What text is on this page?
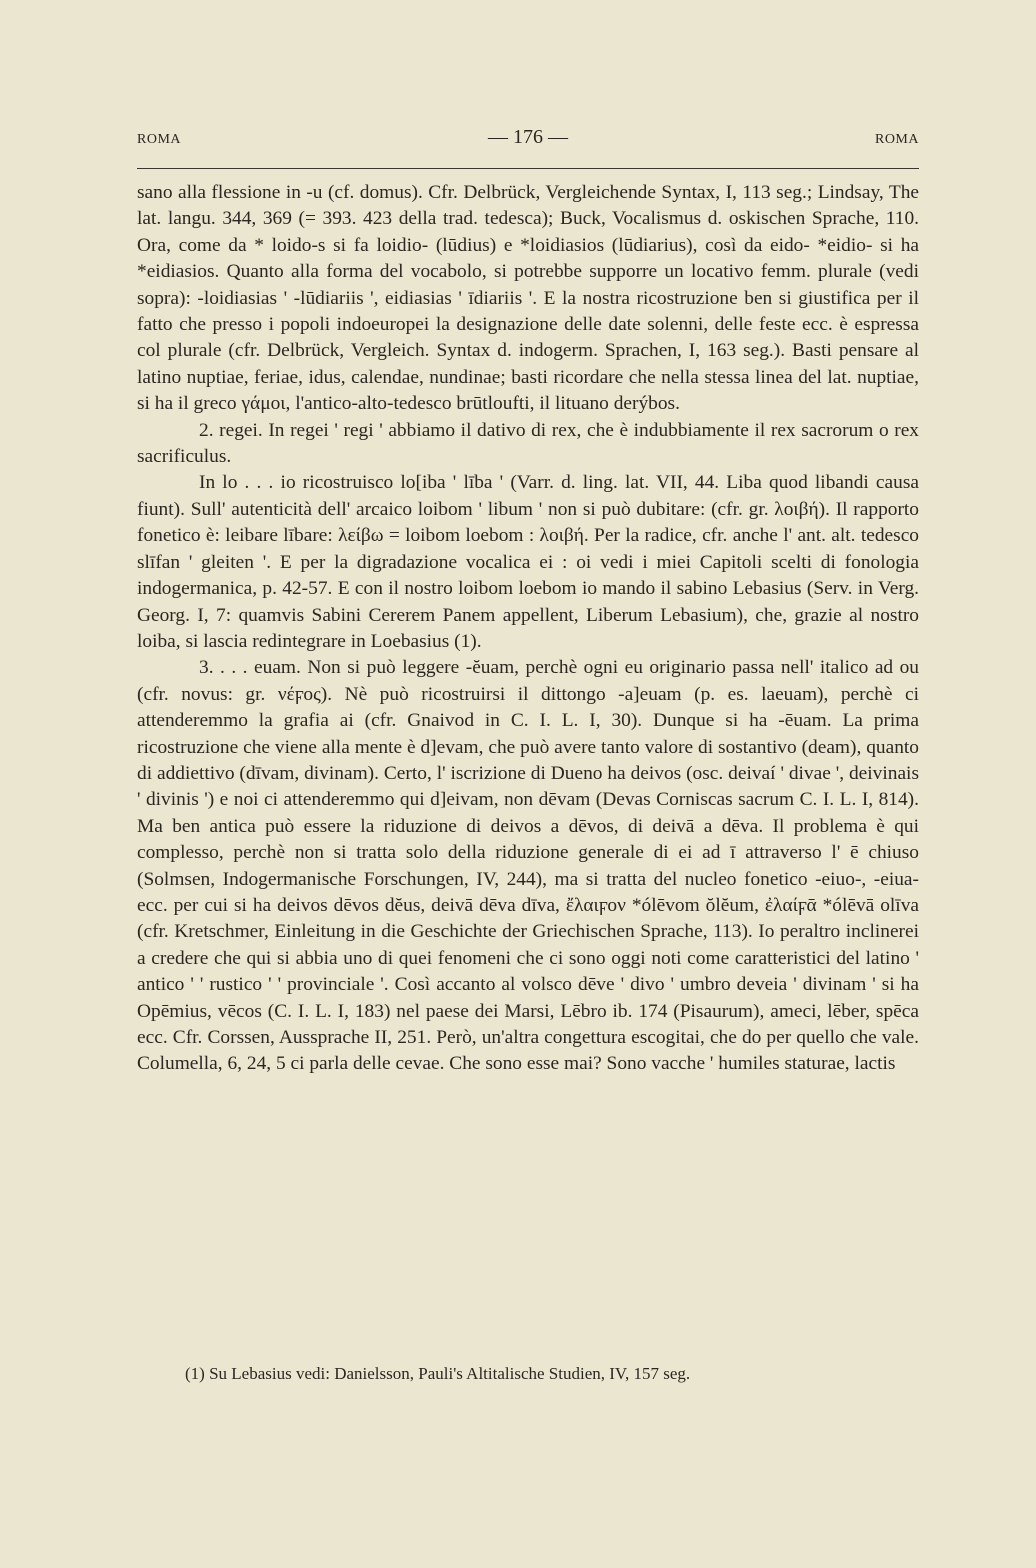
ROMA	— 176 —	ROMA

sano alla flessione in -u (cf. domus). Cfr. Delbrück, Vergleichende Syntax, I, 113 seg.; Lindsay, The lat. langu. 344, 369 (= 393. 423 della trad. tedesca); Buck, Vocalismus d. oskischen Sprache, 110. Ora, come da * loido-s si fa loidio- (lūdius) e *loidiasios (lūdiarius), così da eido- *eidio- si ha *eidiasios. Quanto alla forma del vocabolo, si potrebbe supporre un locativo femm. plurale (vedi sopra): -loidiasias ' -lūdiariis ', eidiasias ' īdiariis '. E la nostra ricostruzione ben si giustifica per il fatto che presso i popoli indoeuropei la designazione delle date solenni, delle feste ecc. è espressa col plurale (cfr. Delbrück, Vergleich. Syntax d. indogerm. Sprachen, I, 163 seg.). Basti pensare al latino nuptiae, feriae, idus, calendae, nundinae; basti ricordare che nella stessa linea del lat. nuptiae, si ha il greco γάμοι, l'antico-alto-tedesco brūtloufti, il lituano derýbos.

2. regei. In regei ' regi ' abbiamo il dativo di rex, che è indubbiamente il rex sacrorum o rex sacrificulus.

In lo . . . io ricostruisco lo[iba ' lība ' (Varr. d. ling. lat. VII, 44. Liba quod libandi causa fiunt). Sull' autenticità dell' arcaico loibom ' libum ' non si può dubitare: (cfr. gr. λοιβή). Il rapporto fonetico è: leibare lībare: λείβω = loibom loebom : λοιβή. Per la radice, cfr. anche l' ant. alt. tedesco slīfan ' gleiten '. E per la digradazione vocalica ei : oi vedi i miei Capitoli scelti di fonologia indogermanica, p. 42-57. E con il nostro loibom loebom io mando il sabino Lebasius (Serv. in Verg. Georg. I, 7: quamvis Sabini Cererem Panem appellent, Liberum Lebasium), che, grazie al nostro loiba, si lascia redintegrare in Loebasius (1).

3. . . . euam. Non si può leggere -ĕuam, perchè ogni eu originario passa nell' italico ad ou (cfr. novus: gr. νέϝος). Nè può ricostruirsi il dittongo -a]euam (p. es. laeuam), perchè ci attenderemmo la grafia ai (cfr. Gnaivod in C. I. L. I, 30). Dunque si ha -ēuam. La prima ricostruzione che viene alla mente è d]evam, che può avere tanto valore di sostantivo (deam), quanto di addiettivo (dīvam, divinam). Certo, l' iscrizione di Dueno ha deivos (osc. deivaí ' divae ', deivinais ' divinis ') e noi ci attenderemmo qui d]eivam, non dēvam (Devas Corniscas sacrum C. I. L. I, 814). Ma ben antica può essere la riduzione di deivos a dēvos, di deivā a dēva. Il problema è qui complesso, perchè non si tratta solo della riduzione generale di ei ad ī attraverso l' ē chiuso (Solmsen, Indogermanische Forschungen, IV, 244), ma si tratta del nucleo fonetico -eiuo-, -eiua- ecc. per cui si ha deivos dēvos dĕus, deivā dēva dīva, ἔλαιϝον *ólēvom ŏlĕum, ἐλαίϝᾱ *ólēvā olīva (cfr. Kretschmer, Einleitung in die Geschichte der Griechischen Sprache, 113). Io peraltro inclinerei a credere che qui si abbia uno di quei fenomeni che ci sono oggi noti come caratteristici del latino ' antico ' ' rustico ' ' provinciale '. Così accanto al volsco dēve ' divo ' umbro deveia ' divinam ' si ha Opēmius, vēcos (C. I. L. I, 183) nel paese dei Marsi, Lēbro ib. 174 (Pisaurum), ameci, lēber, spēca ecc. Cfr. Corssen, Aussprache II, 251. Però, un'altra congettura escogitai, che do per quello che vale. Columella, 6, 24, 5 ci parla delle cevae. Che sono esse mai? Sono vacche ' humiles staturae, lactis

(1) Su Lebasius vedi: Danielsson, Pauli's Altitalische Studien, IV, 157 seg.
